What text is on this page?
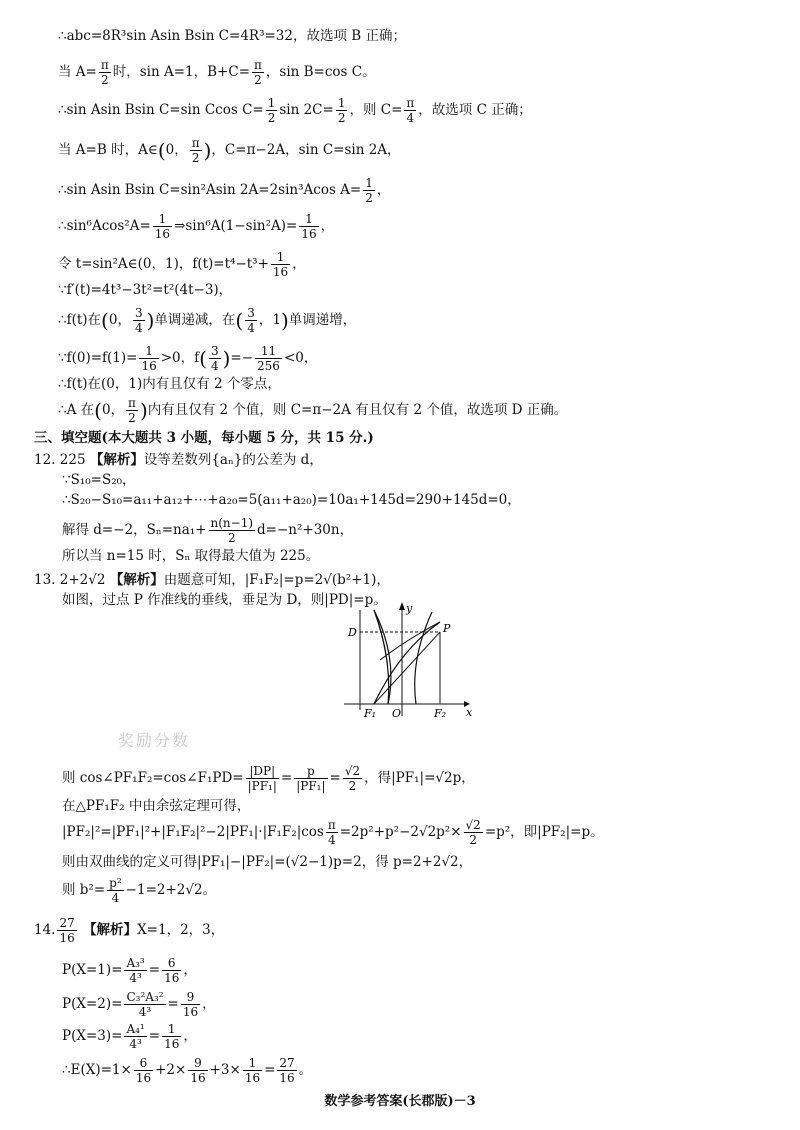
∴abc=8R³sin Asin Bsin C=4R³=32，故选项 B 正确；
当 $A= \frac{\pi}{2}$ 时，sin A=1，$B+C= \frac{\pi}{2}$ ，sin B=cos C。
∴sin Asin Bsin C=sin Ccos $C= \frac{1}{2}$ $\sin 2C= \frac{1}{2}$ ，则 $C= \frac{\pi}{4}$ ，故选项 C 正确；
当 A=B 时，A∈(0， $\frac{\pi}{2}$ )，C=π−2A，sin C=sin 2A，
∴sin Asin Bsin C=sin²Asin 2A=2sin³Acos $A= \frac{1}{2}$ ，
∴sin⁶Acos²A= $\frac{1}{16}$ ⇒sin⁶A(1−sin²A)= $\frac{1}{16}$ ，
令 t=sin²A∈(0，1)，$f(t)=t^4-t^3+ \frac{1}{16}$ ，
∵f′(t)=4t³−3t²=t²(4t−3)，
∴f(t)在(0， $\frac{3}{4}$ )单调递减，在( $\frac{3}{4}$ ，1)单调递增，
∵f(0)=f(1)= $\frac{1}{16} >0$，$f( \frac{3}{4}$ )=− $\frac{11}{256} <0$，
∴f(t)在(0，1)内有且仅有 2 个零点，
∴A 在(0， $\frac{\pi}{2}$ )内有且仅有 2 个值，则 C=π−2A 有且仅有 2 个值，故选项 D 正确。
三、填空题(本大题共 3 小题，每小题 5 分，共 15 分.)
12. 225 【解析】设等差数列{aₙ}的公差为 d，
∵S₁₀=S₂₀，
∴S₂₀−S₁₀=a₁₁+a₁₂+⋯+a₂₀=5(a₁₁+a₂₀)=10a₁+145d=290+145d=0，
解得 d=−2，$S_n=na_1+ \frac{n(n-1)}{2} d=-n^2+30n$，
所以当 n=15 时，Sₙ 取得最大值为 225。
13. 2+2√2 【解析】由题意可知，|F₁F₂|=p=2√(b²+1)，
如图，过点 P 作准线的垂线，垂足为 D，则|PD|=p。
y
x
D	P
F₁ O	F₂
奖励分数
则 cos∠PF₁F₂=cos∠F₁PD= $\frac{|DP|}{\text{|PF₁|}} = \frac{p}{\text{|PF₁|}} = \frac{√2}{2}$ ，得|PF₁|=√2p，
在△PF₁F₂ 中由余弦定理可得，
$|PF_2|^2=|PF_1|^2+|F_1F_2|^2-2|PF_1|\cdot|F_1F_2|\cos \frac{\pi}{4} =2p^2+p^2-2√2p^2\times \frac{√2}{2} =p^2$，即|PF₂|=p。
则由双曲线的定义可得|PF₁|−|PF₂|=(√2−1)p=2，得 p=2+2√2，
则 $b^2= \frac{\text{p²}}{4} -1=2+2√2$。
14. $\frac{27}{16}$ 【解析】X=1，2，3，
$P(X=1)= \frac{\text{A₃³}}{\text{4³}} = \frac{6}{16}$ ，
$P(X=2)= \frac{\text{C₃²A₃²}}{\text{4³}} = \frac{9}{16}$ ，
$P(X=3)= \frac{\text{A₄¹}}{\text{4³}} = \frac{1}{16}$ ，
∴E(X)=1× $\frac{6}{16} +2\times \frac{9}{16} +3\times \frac{1}{16} = \frac{27}{16}$ 。
数学参考答案(长郡版)－3
